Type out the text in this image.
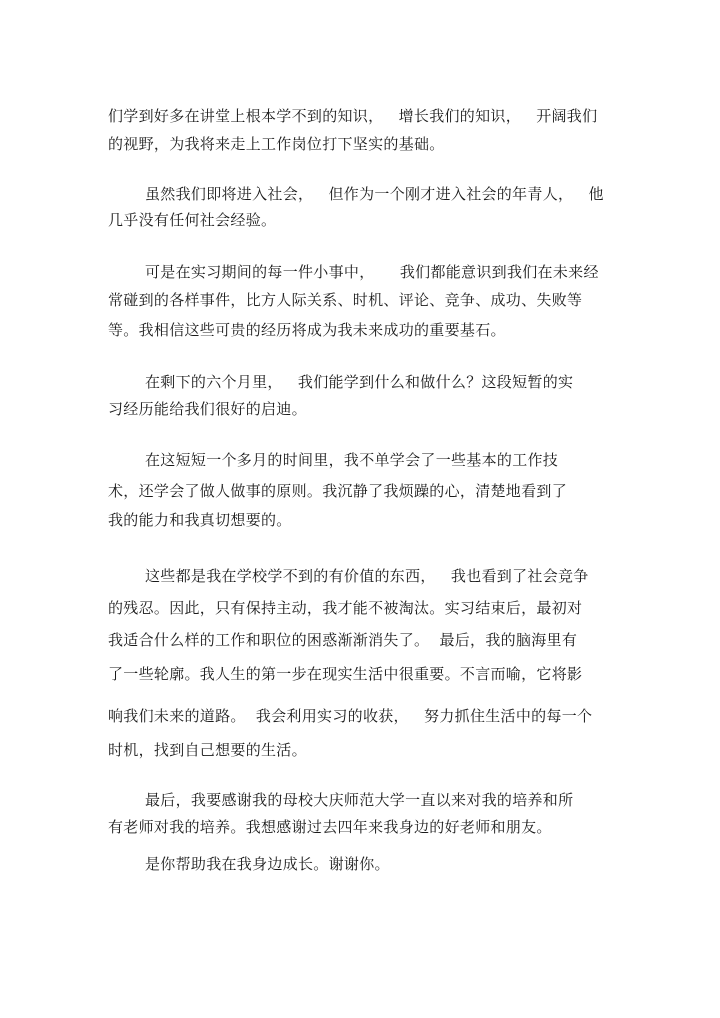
们学到好多在讲堂上根本学不到的知识，   增长我们的知识，   开阔我们
的视野，为我将来走上工作岗位打下坚实的基础。
虽然我们即将进入社会，   但作为一个刚才进入社会的年青人，   他
几乎没有任何社会经验。
可是在实习期间的每一件小事中，     我们都能意识到我们在未来经
常碰到的各样事件，比方人际关系、时机、评论、竞争、成功、失败等
等。我相信这些可贵的经历将成为我未来成功的重要基石。
在剩下的六个月里，   我们能学到什么和做什么？这段短暂的实
习经历能给我们很好的启迪。
在这短短一个多月的时间里，我不单学会了一些基本的工作技
术，还学会了做人做事的原则。我沉静了我烦躁的心，清楚地看到了
我的能力和我真切想要的。
这些都是我在学校学不到的有价值的东西，   我也看到了社会竞争
的残忍。因此，只有保持主动，我才能不被淘汰。实习结束后，最初对
我适合什么样的工作和职位的困惑渐渐消失了。  最后，我的脑海里有
了一些轮廓。我人生的第一步在现实生活中很重要。不言而喻，它将影
响我们未来的道路。  我会利用实习的收获，   努力抓住生活中的每一个
时机，找到自己想要的生活。
最后，我要感谢我的母校大庆师范大学一直以来对我的培养和所
有老师对我的培养。我想感谢过去四年来我身边的好老师和朋友。
是你帮助我在我身边成长。谢谢你。
